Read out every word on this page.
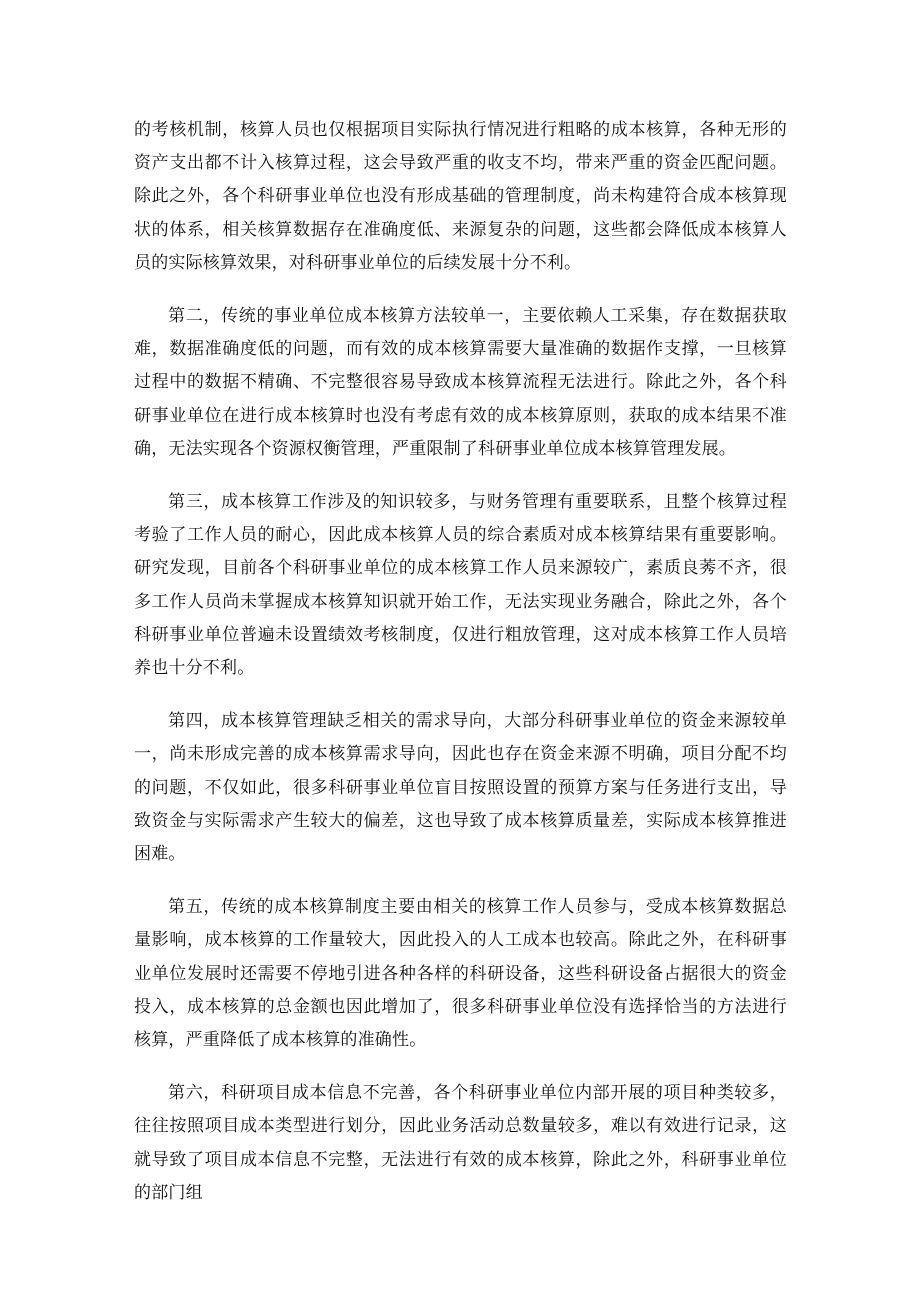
的考核机制，核算人员也仅根据项目实际执行情况进行粗略的成本核算，各种无形的资产支出都不计入核算过程，这会导致严重的收支不均，带来严重的资金匹配问题。除此之外，各个科研事业单位也没有形成基础的管理制度，尚未构建符合成本核算现状的体系，相关核算数据存在准确度低、来源复杂的问题，这些都会降低成本核算人员的实际核算效果，对科研事业单位的后续发展十分不利。

第二，传统的事业单位成本核算方法较单一，主要依赖人工采集，存在数据获取难，数据准确度低的问题，而有效的成本核算需要大量准确的数据作支撑，一旦核算过程中的数据不精确、不完整很容易导致成本核算流程无法进行。除此之外，各个科研事业单位在进行成本核算时也没有考虑有效的成本核算原则，获取的成本结果不准确，无法实现各个资源权衡管理，严重限制了科研事业单位成本核算管理发展。

第三，成本核算工作涉及的知识较多，与财务管理有重要联系，且整个核算过程考验了工作人员的耐心，因此成本核算人员的综合素质对成本核算结果有重要影响。研究发现，目前各个科研事业单位的成本核算工作人员来源较广，素质良莠不齐，很多工作人员尚未掌握成本核算知识就开始工作，无法实现业务融合，除此之外，各个科研事业单位普遍未设置绩效考核制度，仅进行粗放管理，这对成本核算工作人员培养也十分不利。

第四，成本核算管理缺乏相关的需求导向，大部分科研事业单位的资金来源较单一，尚未形成完善的成本核算需求导向，因此也存在资金来源不明确，项目分配不均的问题，不仅如此，很多科研事业单位盲目按照设置的预算方案与任务进行支出，导致资金与实际需求产生较大的偏差，这也导致了成本核算质量差，实际成本核算推进困难。

第五，传统的成本核算制度主要由相关的核算工作人员参与，受成本核算数据总量影响，成本核算的工作量较大，因此投入的人工成本也较高。除此之外，在科研事业单位发展时还需要不停地引进各种各样的科研设备，这些科研设备占据很大的资金投入，成本核算的总金额也因此增加了，很多科研事业单位没有选择恰当的方法进行核算，严重降低了成本核算的准确性。

第六，科研项目成本信息不完善，各个科研事业单位内部开展的项目种类较多，往往按照项目成本类型进行划分，因此业务活动总数量较多，难以有效进行记录，这就导致了项目成本信息不完整，无法进行有效的成本核算，除此之外，科研事业单位的部门组
